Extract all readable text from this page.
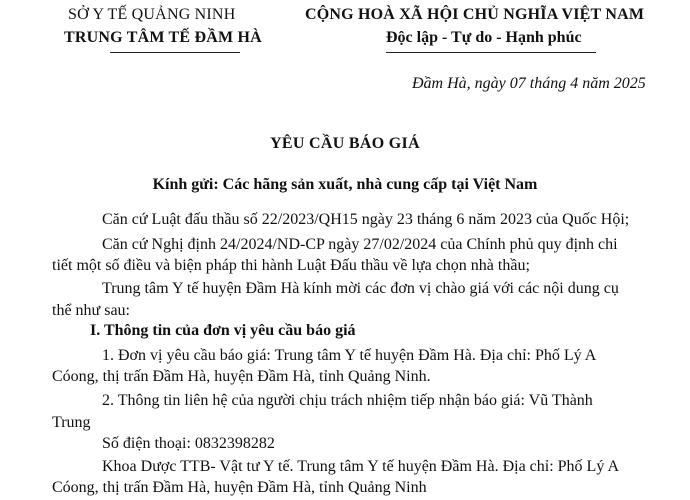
SỞ Y TẾ QUẢNG NINH
TRUNG TÂM TẾ ĐẦM HÀ
CỘNG HOÀ XÃ HỘI CHỦ NGHĨA VIỆT NAM
Độc lập - Tự do - Hạnh phúc
Đầm Hà, ngày 07 tháng 4 năm 2025
YÊU CẦU BÁO GIÁ
Kính gửi: Các hãng sản xuất, nhà cung cấp tại Việt Nam
Căn cứ Luật đấu thầu số 22/2023/QH15 ngày 23 tháng 6 năm 2023 của Quốc Hội;
Căn cứ Nghị định 24/2024/ND-CP ngày 27/02/2024 của Chính phủ quy định chi
tiết một số điều và biện pháp thi hành Luật Đấu thầu về lựa chọn nhà thầu;
Trung tâm Y tế huyện Đầm Hà kính mời các đơn vị chào giá với các nội dung cụ
thể như sau:
I. Thông tin của đơn vị yêu cầu báo giá
1. Đơn vị yêu cầu báo giá: Trung tâm Y tế huyện Đầm Hà. Địa chỉ: Phố Lý A
Cóong, thị trấn Đầm Hà, huyện Đầm Hà, tỉnh Quảng Ninh.
2. Thông tin liên hệ của người chịu trách nhiệm tiếp nhận báo giá: Vũ Thành
Trung
Số điện thoại: 0832398282
Khoa Dược TTB- Vật tư Y tế. Trung tâm Y tế huyện Đầm Hà. Địa chỉ: Phố Lý A
Cóong, thị trấn Đầm Hà, huyện Đầm Hà, tỉnh Quảng Ninh
